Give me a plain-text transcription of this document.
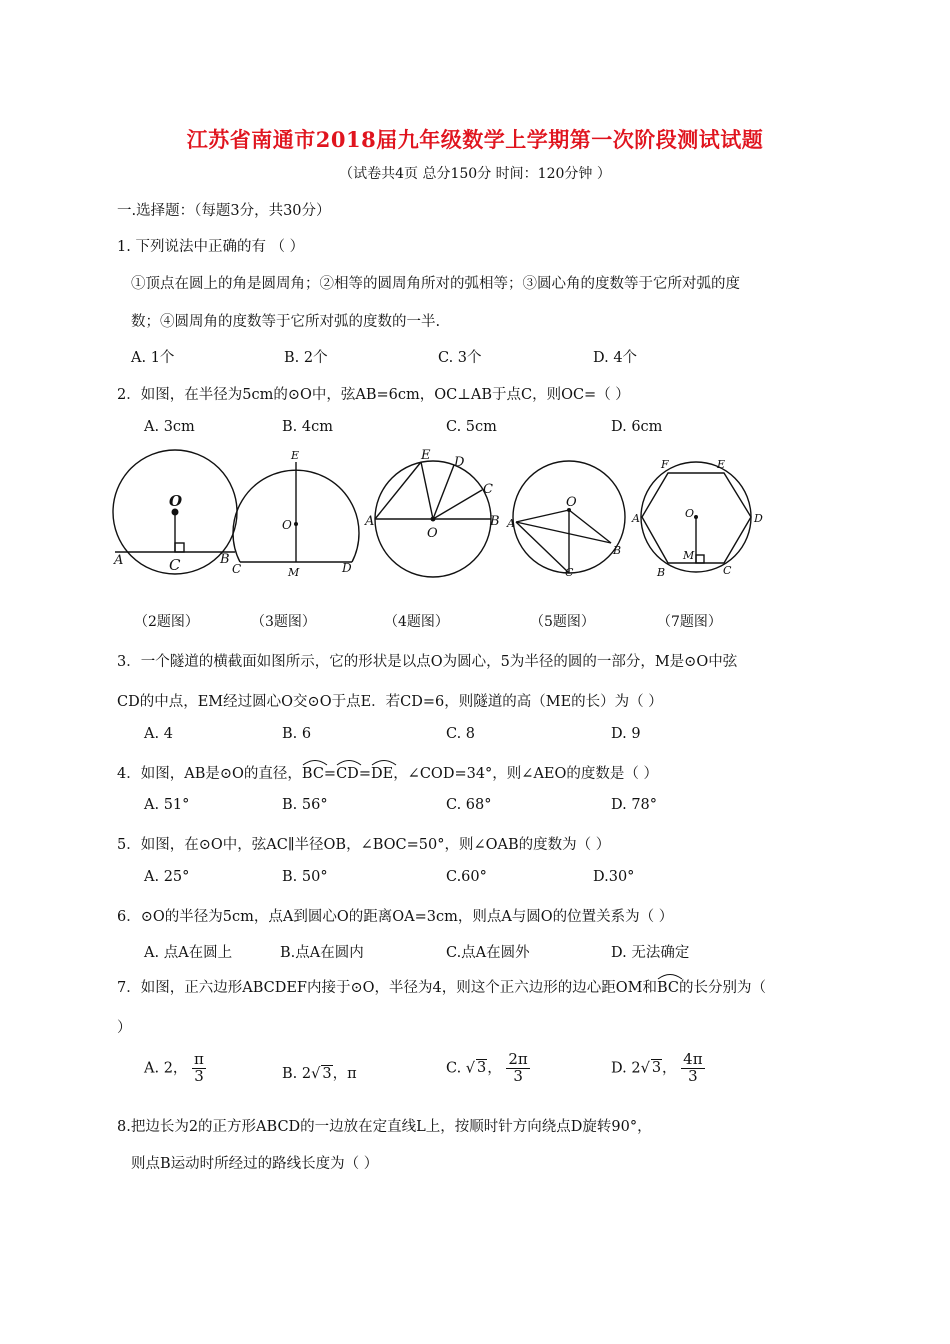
江苏省南通市2018届九年级数学上学期第一次阶段测试试题
（试卷共4页 总分150分 时间：120分钟 ）
一.选择题：（每题3分，共30分）
1. 下列说法中正确的有 （ ）
①顶点在圆上的角是圆周角；②相等的圆周角所对的弧相等；③圆心角的度数等于它所对弧的度
数；④圆周角的度数等于它所对弧的度数的一半.
A. 1个	B. 2个	C. 3个	D. 4个
2．如图，在半径为5cm的⊙O中，弦AB=6cm，OC⊥AB于点C，则OC=（ ）
A. 3cm	B. 4cm	C. 5cm	D. 6cm
O
A	B
C
E
O
C	M	D
E D
C
A
O
B
O
A
B
C
F	E
A	O	D
M
B	C
（2题图）	（3题图）	（4题图）	（5题图）	（7题图）
3．一个隧道的横截面如图所示，它的形状是以点O为圆心，5为半径的圆的一部分，M是⊙O中弦
CD的中点，EM经过圆心O交⊙O于点E．若CD=6，则隧道的高（ME的长）为（ ）
A. 4	B. 6	C. 8	D. 9
4．如图，AB是⊙O的直径，
BC=
CD=
DE，∠COD=34°，则∠AEO的度数是（ ）
A. 51°	B. 56°	C. 68°	D. 78°
5．如图，在⊙O中，弦AC∥半径OB，∠BOC=50°，则∠OAB的度数为（ ）
A. 25°	B. 50°	C.60°	D.30°
6．⊙O的半径为5cm，点A到圆心O的距离OA=3cm，则点A与圆O的位置关系为（ ）
A. 点A在圆上	B.点A在圆内	C.点A在圆外	D. 无法确定
7．如图，正六边形ABCDEF内接于⊙O，半径为4，则这个正六边形的边心距OM和
BC的长分别为（
）
A. 2， $\frac{\pi}{3}$	B. 2√ 3，π	C. √ 3， $\frac{2\pi}{3}$	D. 2√ 3， $\frac{4\pi}{3}$
8.把边长为2的正方形ABCD的一边放在定直线L上，按顺时针方向绕点D旋转90°，
则点B运动时所经过的路线长度为（ ）
